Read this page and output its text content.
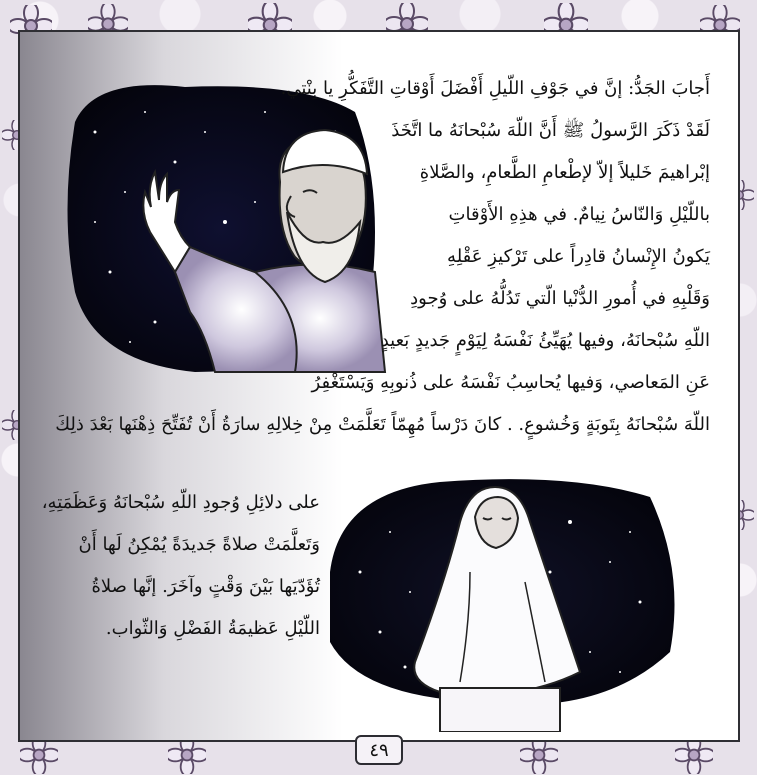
أَجابَ الجَدُّ: إنَّ في جَوْفِ اللّيلِ أَفْضَلَ أَوْقاتِ التَّفَكُّرِ يا بِنْتي.
لَقَدْ ذَكَرَ الرَّسولُ ﷺ أَنَّ اللّهَ سُبْحانَهُ ما اتَّخَذَ
إبْراهيمَ خَليلاً إلاّ لإطْعامِ الطَّعامِ، والصَّلاةِ
باللّيْلِ وَالنّاسُ نِيامٌ. في هذِهِ الأَوْقاتِ
يَكونُ الإِنْسانُ قادِراً على تَرْكيزِ عَقْلِهِ
وَقَلْبِهِ في أُمورِ الدُّنْيا الّتي تَدُلُّهُ على وُجودِ
اللّهِ سُبْحانَهُ، وفيها يُهَيِّئُ نَفْسَهُ لِيَوْمٍ جَديدٍ بَعيدٍ
عَنِ المَعاصي، وَفيها يُحاسِبُ نَفْسَهُ على ذُنوبِهِ وَيَسْتَغْفِرُ
اللّهَ سُبْحانَهُ بِتَوبَةٍ وَخُشوعٍ. . كانَ دَرْساً مُهِمّاً تَعَلَّمَتْ مِنْ خِلالِهِ سارَةُ أَنْ تُفَتِّحَ ذِهْنَها بَعْدَ ذلِكَ
على دلائِلِ وُجودِ اللّهِ سُبْحانَهُ وَعَظَمَتِهِ،
وَتَعلَّمَتْ صلاةً جَديدَةً يُمْكِنُ لَها أَنْ
تُؤَدّيَها بَيْنَ وَقْتٍ وآخَرَ. إنَّها صلاةُ
اللّيْلِ عَظيمَةُ الفَضْلِ وَالثّواب.
٤٩
